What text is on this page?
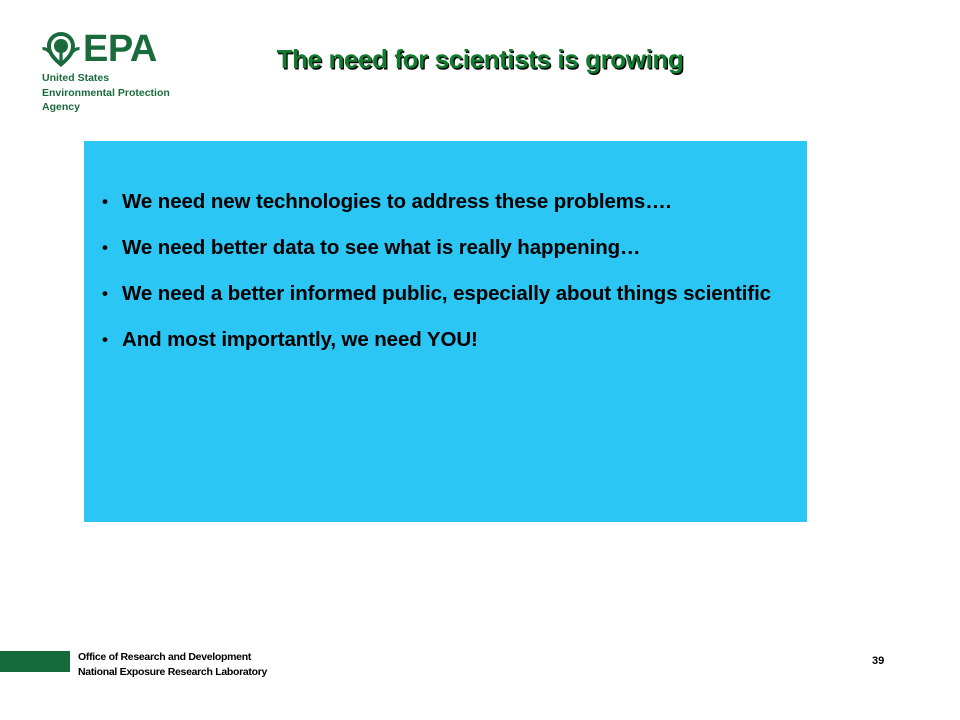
EPA
United States
Environmental Protection
Agency
The need for scientists is growing
• We need new technologies to address these problems….
• We need better data to see what is really happening…
• We need a better informed public, especially about things scientific
• And most importantly, we need YOU!
Office of Research and Development
National Exposure Research Laboratory
39
